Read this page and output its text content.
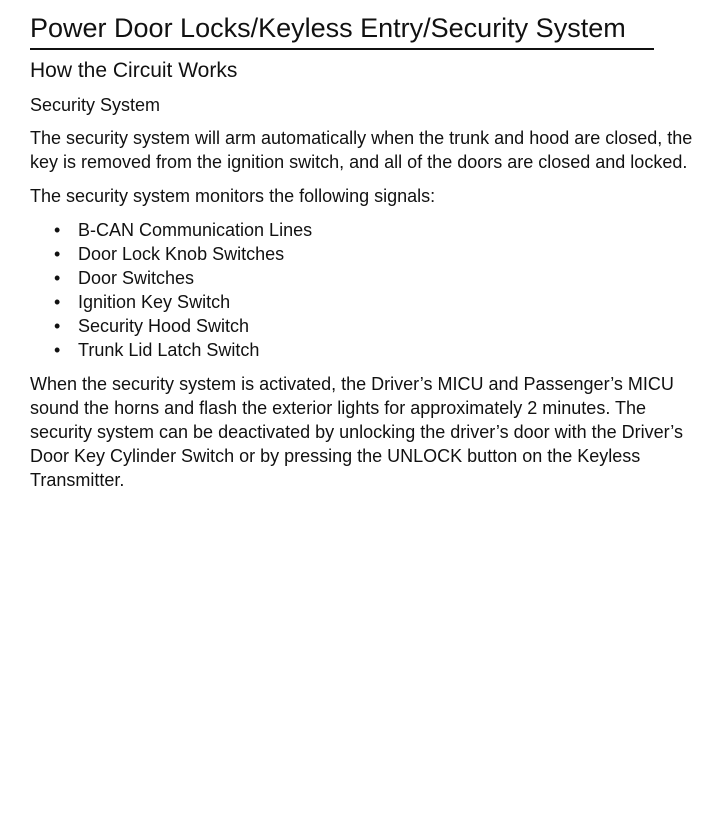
Power Door Locks/Keyless Entry/Security System
How the Circuit Works
Security System

The security system will arm automatically when the trunk and hood are closed, the key is removed from the ignition switch, and all of the doors are closed and locked.

The security system monitors the following signals:

• B-CAN Communication Lines
• Door Lock Knob Switches
• Door Switches
• Ignition Key Switch
• Security Hood Switch
• Trunk Lid Latch Switch

When the security system is activated, the Driver’s MICU and Passenger’s MICU sound the horns and flash the exterior lights for approximately 2 minutes. The security system can be deactivated by unlocking the driver’s door with the Driver’s Door Key Cylinder Switch or by pressing the UNLOCK button on the Keyless Transmitter.
